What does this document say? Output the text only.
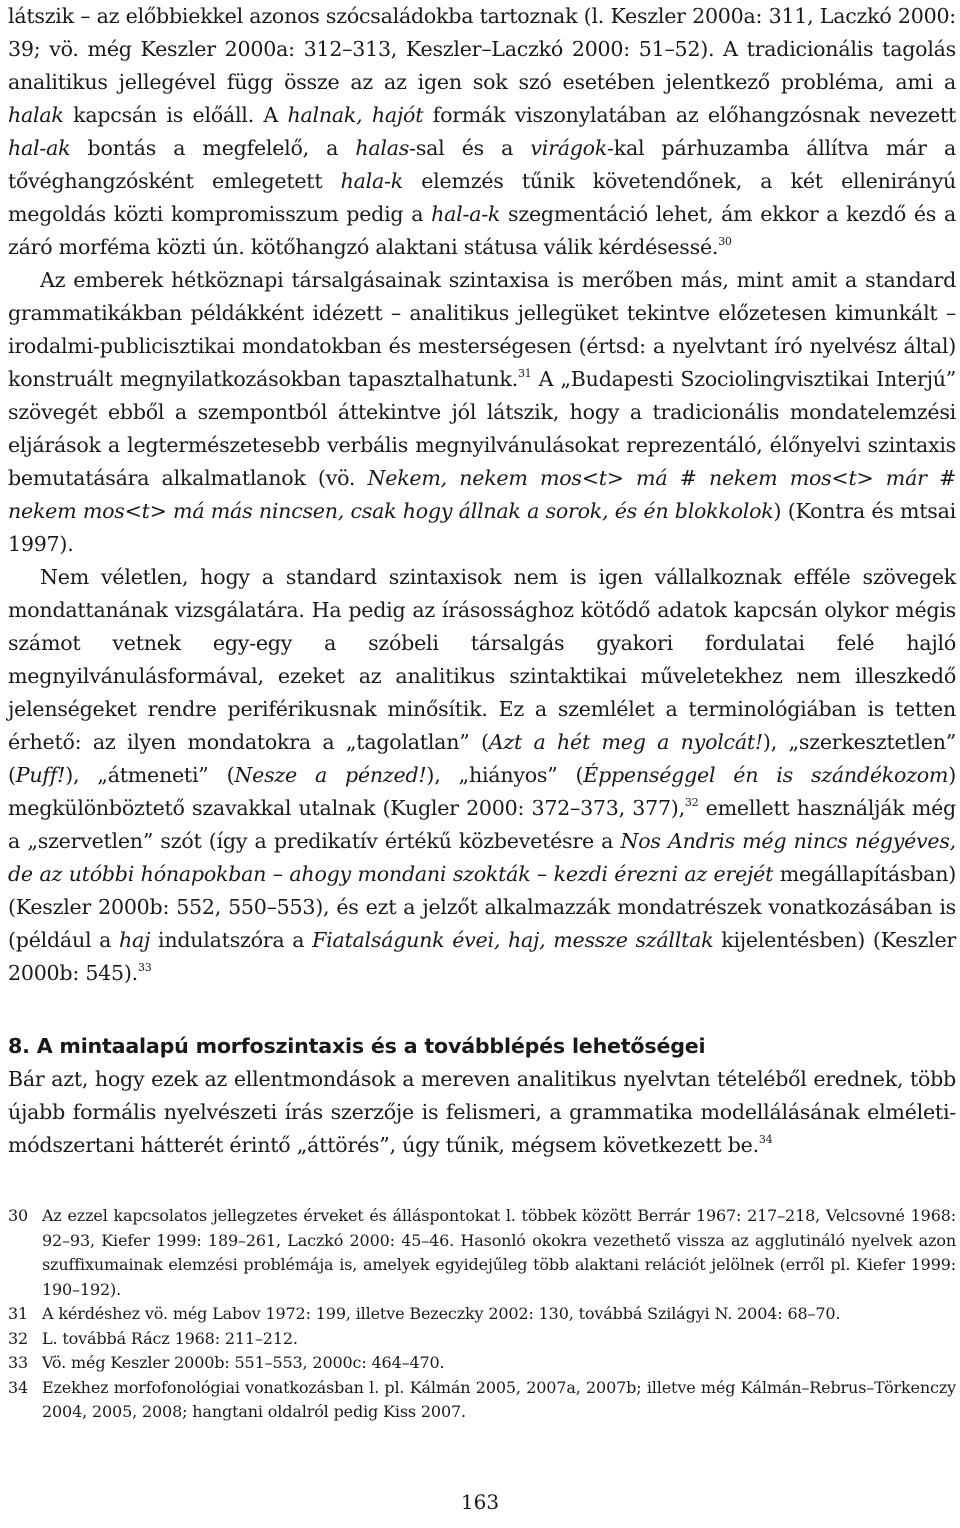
látszik – az előbbiekkel azonos szócsaládokba tartoznak (l. Keszler 2000a: 311, Laczkó 2000: 39; vö. még Keszler 2000a: 312–313, Keszler–Laczkó 2000: 51–52). A tradicionális tagolás analitikus jellegével függ össze az az igen sok szó esetében jelentkező probléma, ami a halak kapcsán is előáll. A halnak, hajót formák viszonylatában az előhangzósnak nevezett hal-ak bontás a megfelelő, a halas-sal és a virágok-kal párhuzamba állítva már a tővéghangzósként emlegetett hala-k elemzés tűnik követendőnek, a két ellenirányú megoldás közti kompromisszum pedig a hal-a-k szegmentáció lehet, ám ekkor a kezdő és a záró morféma közti ún. kötőhangzó alaktani státusa válik kérdésessé.$^{30}$

Az emberek hétköznapi társalgásainak szintaxisa is merőben más, mint amit a standard grammatikákban példákként idézett – analitikus jellegüket tekintve előzetesen kimunkált – irodalmi-publicisztikai mondatokban és mesterségesen (értsd: a nyelvtant író nyelvész által) konstruált megnyilatkozásokban tapasztalhatunk.$^{31}$ A „Budapesti Szociolingvisztikai Interjú” szövegét ebből a szempontból áttekintve jól látszik, hogy a tradicionális mondatelemzési eljárások a legtermészetesebb verbális megnyilvánulásokat reprezentáló, élőnyelvi szintaxis bemutatására alkalmatlanok (vö. Nekem, nekem mos<t> má # nekem mos<t> már # nekem mos<t> má más nincsen, csak hogy állnak a sorok, és én blokkolok) (Kontra és mtsai 1997).

Nem véletlen, hogy a standard szintaxisok nem is igen vállalkoznak efféle szövegek mondattanának vizsgálatára. Ha pedig az írásossághoz kötődő adatok kapcsán olykor mégis számot vetnek egy-egy a szóbeli társalgás gyakori fordulatai felé hajló megnyilvánulásformával, ezeket az analitikus szintaktikai műveletekhez nem illeszkedő jelenségeket rendre periférikusnak minősítik. Ez a szemlélet a terminológiában is tetten érhető: az ilyen mondatokra a „tagolatlan” (Azt a hét meg a nyolcát!), „szerkesztetlen” (Puff!), „átmeneti” (Nesze a pénzed!), „hiányos” (Éppenséggel én is szándékozom) megkülönböztető szavakkal utalnak (Kugler 2000: 372–373, 377),$^{32}$ emellett használják még a „szervetlen” szót (így a predikatív értékű közbevetésre a Nos Andris még nincs négyéves, de az utóbbi hónapokban – ahogy mondani szokták – kezdi érezni az erejét megállapításban) (Keszler 2000b: 552, 550–553), és ezt a jelzőt alkalmazzák mondatrészek vonatkozásában is (például a haj indulatszóra a Fiatalságunk évei, haj, messze szálltak kijelentésben) (Keszler 2000b: 545).$^{33}$

8. A mintaalapú morfoszintaxis és a továbblépés lehetőségei

Bár azt, hogy ezek az ellentmondások a mereven analitikus nyelvtan tételéből erednek, több újabb formális nyelvészeti írás szerzője is felismeri, a grammatika modellálásának elméleti-módszertani hátterét érintő „áttörés”, úgy tűnik, mégsem következett be.$^{34}$

30 Az ezzel kapcsolatos jellegzetes érveket és álláspontokat l. többek között Berrár 1967: 217–218, Velcsovné 1968: 92–93, Kiefer 1999: 189–261, Laczkó 2000: 45–46. Hasonló okokra vezethető vissza az agglutináló nyelvek azon szuffixumainak elemzési problémája is, amelyek egyidejűleg több alaktani relációt jelölnek (erről pl. Kiefer 1999: 190–192).
31 A kérdéshez vö. még Labov 1972: 199, illetve Bezeczky 2002: 130, továbbá Szilágyi N. 2004: 68–70.
32 L. továbbá Rácz 1968: 211–212.
33 Vö. még Keszler 2000b: 551–553, 2000c: 464–470.
34 Ezekhez morfofonológiai vonatkozásban l. pl. Kálmán 2005, 2007a, 2007b; illetve még Kálmán–Rebrus–Törkenczy 2004, 2005, 2008; hangtani oldalról pedig Kiss 2007.
163
